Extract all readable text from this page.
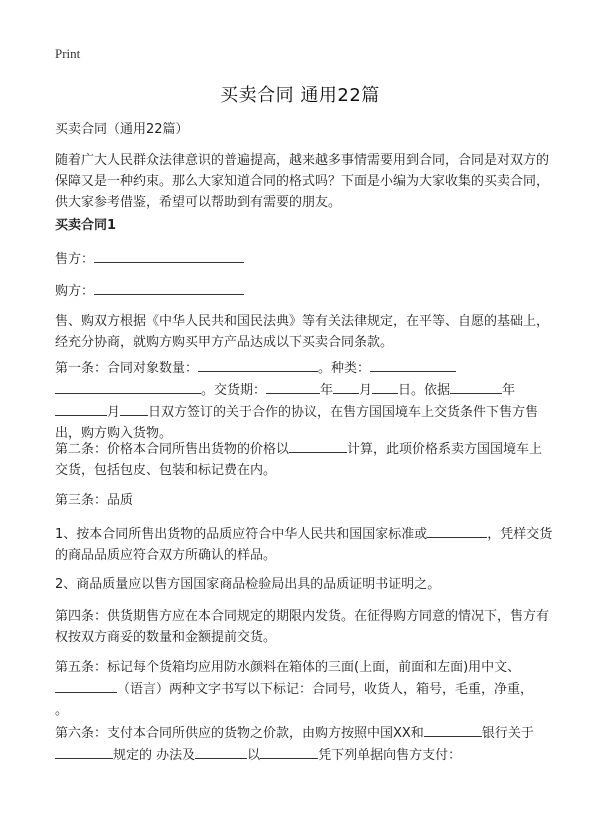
Print
买卖合同 通用22篇

买卖合同（通用22篇）

随着广大人民群众法律意识的普遍提高，越来越多事情需要用到合同，合同是对双方的保障又是一种约束。那么大家知道合同的格式吗？下面是小编为大家收集的买卖合同，供大家参考借鉴，希望可以帮助到有需要的朋友。

买卖合同1

售方：

购方：

售、购双方根据《中华人民共和国民法典》等有关法律规定，在平等、自愿的基础上，经充分协商，就购方购买甲方产品达成以下买卖合同条款。

第一条：合同对象数量：	。种类：。交货期：	年 月 日。依据	年 月 日双方签订的关于合作的协议，在售方国国境车上交货条件下售方售出，购方购入货物。

第二条：价格本合同所售出货物的价格以	计算，此项价格系卖方国国境车上交货，包括包皮、包装和标记费在内。

第三条：品质

1、按本合同所售出货物的品质应符合中华人民共和国国家标准或	，凭样交货的商品品质应符合双方所确认的样品。

2、商品质量应以售方国国家商品检验局出具的品质证明书证明之。

第四条：供货期售方应在本合同规定的期限内发货。在征得购方同意的情况下，售方有权按双方商妥的数量和金额提前交货。

第五条：标记每个货箱均应用防水颜料在箱体的三面(上面，前面和左面)用中文、（语言）两种文字书写以下标记：合同号，收货人，箱号，毛重，净重，
。

第六条：支付本合同所供应的货物之价款，由购方按照中国XX和	银行关于规定的 办法及	以	凭下列单据向售方支付：
